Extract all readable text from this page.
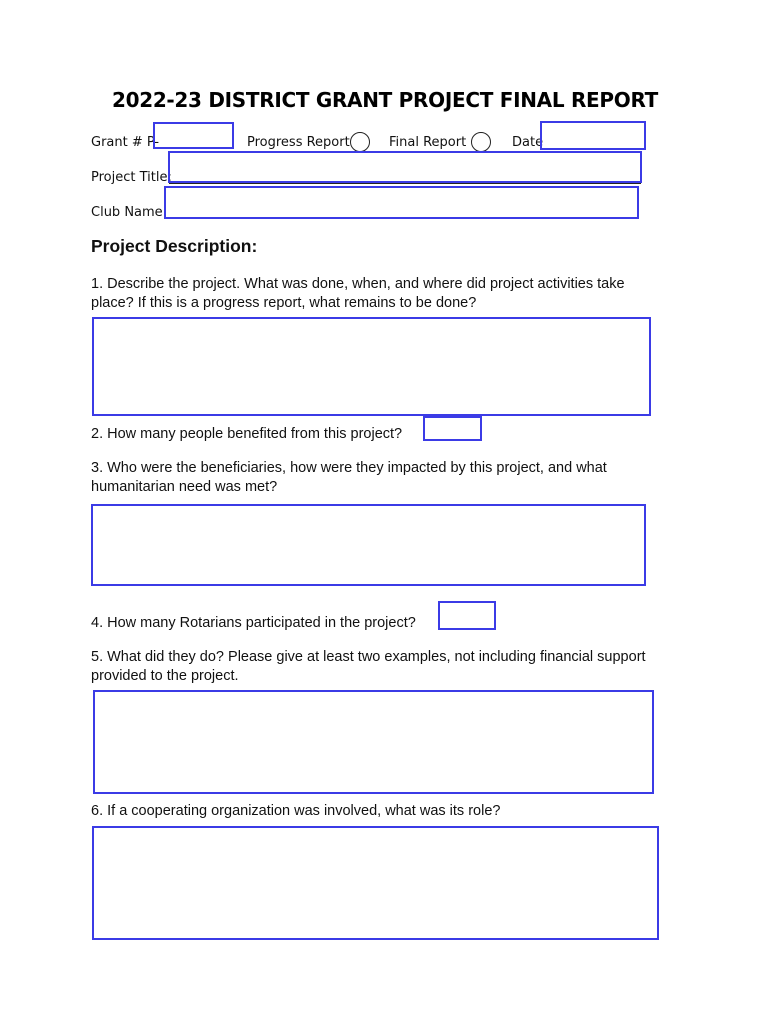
2022-23 DISTRICT GRANT PROJECT FINAL REPORT
Grant # P-	Progress Report	Final Report	Date
Project Title:
Club Name:
Project Description:
1. Describe the project. What was done, when, and where did project activities take place? If this is a progress report, what remains to be done?
2. How many people benefited from this project?
3. Who were the beneficiaries, how were they impacted by this project, and what humanitarian need was met?
4. How many Rotarians participated in the project?
5. What did they do? Please give at least two examples, not including financial support provided to the project.
6. If a cooperating organization was involved, what was its role?
